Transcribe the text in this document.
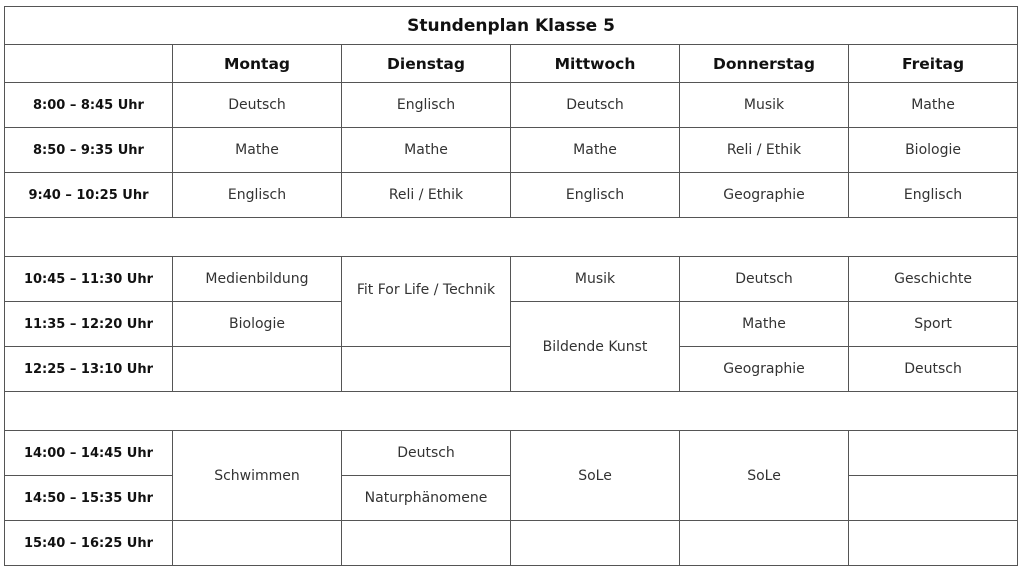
Stundenplan Klasse 5					
	Montag	Dienstag	Mittwoch	Donnerstag	Freitag
8:00 – 8:45 Uhr	Deutsch	Englisch	Deutsch	Musik	Mathe
8:50 – 9:35 Uhr	Mathe	Mathe	Mathe	Reli / Ethik	Biologie
9:40 – 10:25 Uhr	Englisch	Reli / Ethik	Englisch	Geographie	Englisch

10:45 – 11:30 Uhr	Medienbildung	Fit For Life / Technik	Musik	Deutsch	Geschichte
11:35 – 12:20 Uhr	Biologie		Bildende Kunst	Mathe	Sport
12:25 – 13:10 Uhr				Geographie	Deutsch

14:00 – 14:45 Uhr	Schwimmen	Deutsch	SoLe	SoLe	
14:50 – 15:35 Uhr		Naturphänomene			
15:40 – 16:25 Uhr					
